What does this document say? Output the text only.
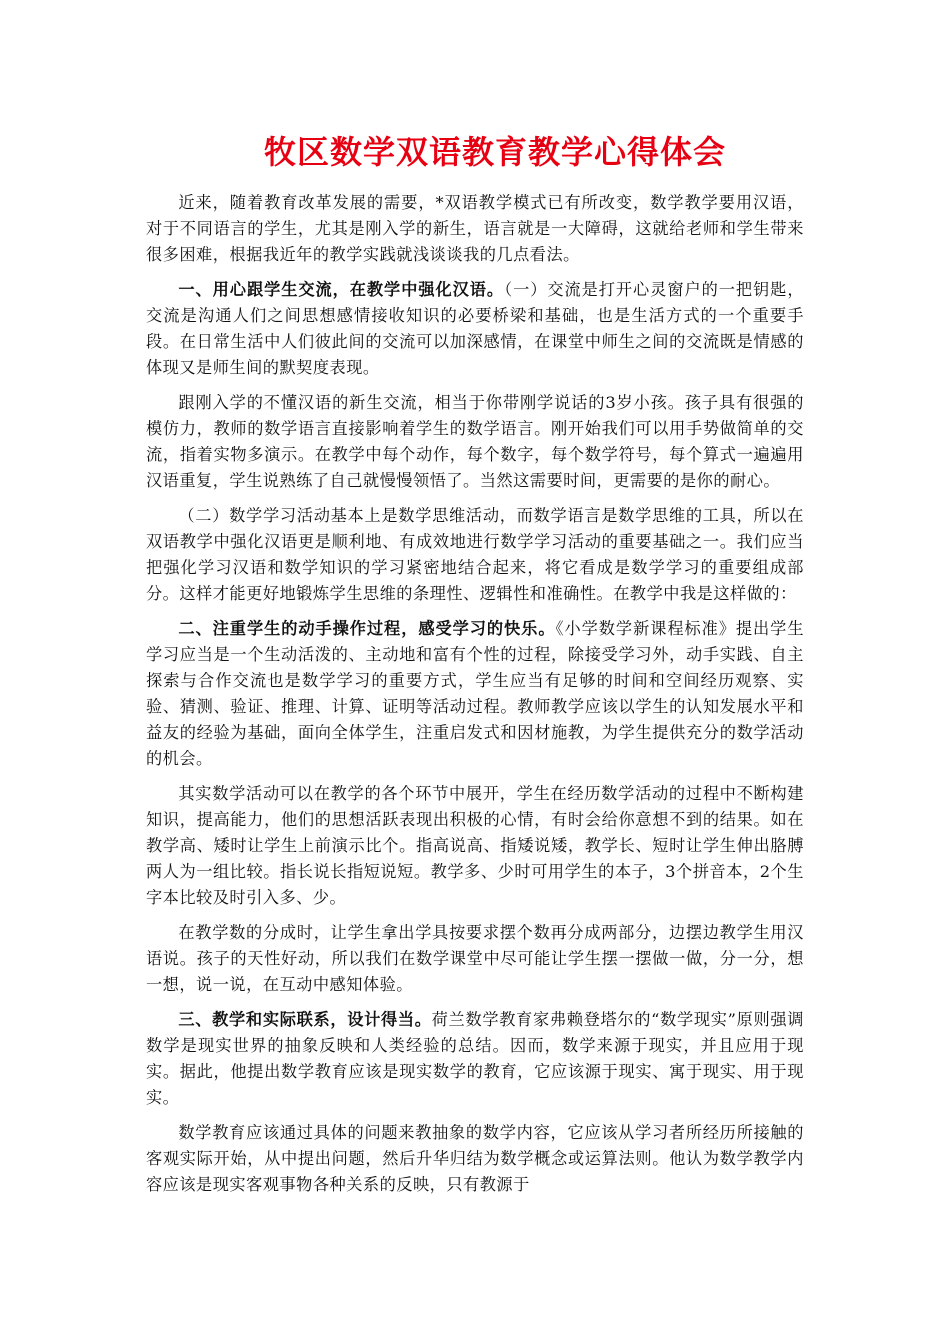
牧区数学双语教育教学心得体会

近来，随着教育改革发展的需要，*双语教学模式已有所改变，数学教学要用汉语，对于不同语言的学生，尤其是刚入学的新生，语言就是一大障碍，这就给老师和学生带来很多困难，根据我近年的教学实践就浅谈谈我的几点看法。

一、用心跟学生交流，在教学中强化汉语。（一）交流是打开心灵窗户的一把钥匙，交流是沟通人们之间思想感情接收知识的必要桥梁和基础，也是生活方式的一个重要手段。在日常生活中人们彼此间的交流可以加深感情，在课堂中师生之间的交流既是情感的体现又是师生间的默契度表现。

跟刚入学的不懂汉语的新生交流，相当于你带刚学说话的3岁小孩。孩子具有很强的模仿力，教师的数学语言直接影响着学生的数学语言。刚开始我们可以用手势做简单的交流，指着实物多演示。在教学中每个动作，每个数字，每个数学符号，每个算式一遍遍用汉语重复，学生说熟练了自己就慢慢领悟了。当然这需要时间，更需要的是你的耐心。

（二）数学学习活动基本上是数学思维活动，而数学语言是数学思维的工具，所以在双语教学中强化汉语更是顺利地、有成效地进行数学学习活动的重要基础之一。我们应当把强化学习汉语和数学知识的学习紧密地结合起来，将它看成是数学学习的重要组成部分。这样才能更好地锻炼学生思维的条理性、逻辑性和准确性。在教学中我是这样做的：

二、注重学生的动手操作过程，感受学习的快乐。《小学数学新课程标准》提出学生学习应当是一个生动活泼的、主动地和富有个性的过程，除接受学习外，动手实践、自主探索与合作交流也是数学学习的重要方式，学生应当有足够的时间和空间经历观察、实验、猜测、验证、推理、计算、证明等活动过程。教师教学应该以学生的认知发展水平和益友的经验为基础，面向全体学生，注重启发式和因材施教，为学生提供充分的数学活动的机会。

其实数学活动可以在教学的各个环节中展开，学生在经历数学活动的过程中不断构建知识，提高能力，他们的思想活跃表现出积极的心情，有时会给你意想不到的结果。如在教学高、矮时让学生上前演示比个。指高说高、指矮说矮，教学长、短时让学生伸出胳膊两人为一组比较。指长说长指短说短。教学多、少时可用学生的本子，3个拼音本，2个生字本比较及时引入多、少。

在教学数的分成时，让学生拿出学具按要求摆个数再分成两部分，边摆边教学生用汉语说。孩子的天性好动，所以我们在数学课堂中尽可能让学生摆一摆做一做，分一分，想一想，说一说，在互动中感知体验。

三、教学和实际联系，设计得当。荷兰数学教育家弗赖登塔尔的“数学现实”原则强调数学是现实世界的抽象反映和人类经验的总结。因而，数学来源于现实，并且应用于现实。据此，他提出数学教育应该是现实数学的教育，它应该源于现实、寓于现实、用于现实。

数学教育应该通过具体的问题来教抽象的数学内容，它应该从学习者所经历所接触的客观实际开始，从中提出问题，然后升华归结为数学概念或运算法则。他认为数学教学内容应该是现实客观事物各种关系的反映，只有教源于
